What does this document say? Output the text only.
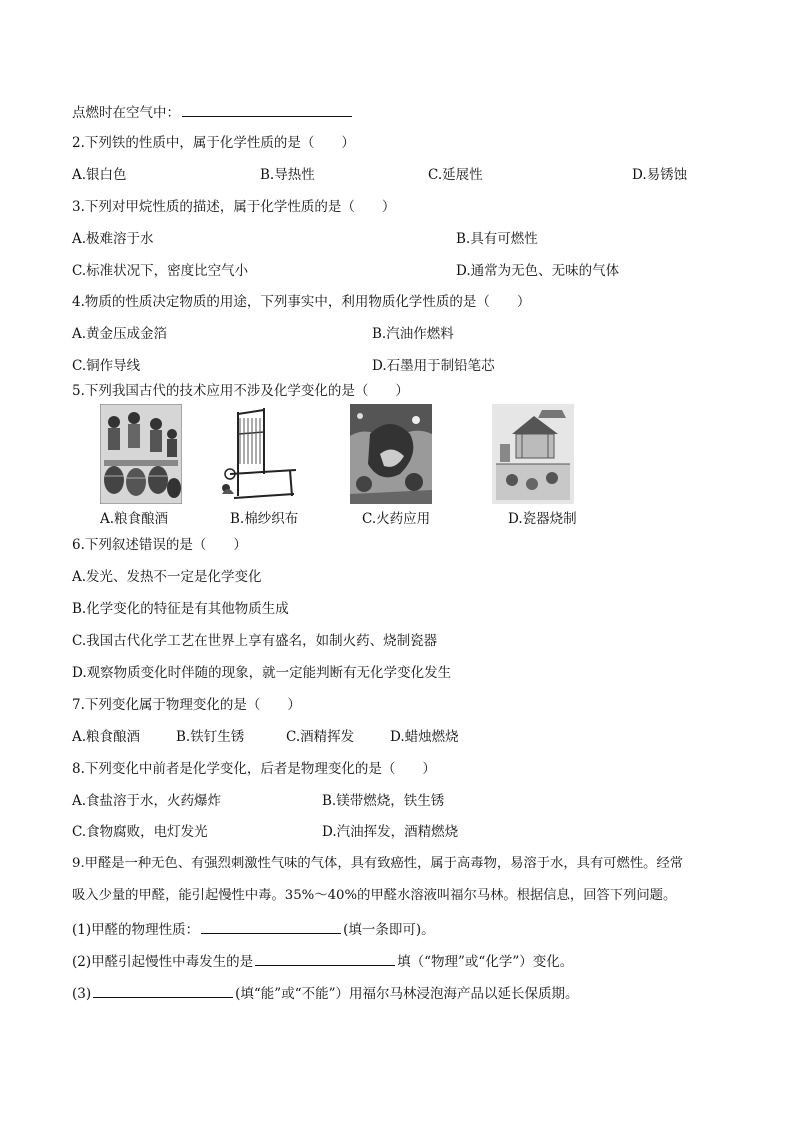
点燃时在空气中：
2.下列铁的性质中，属于化学性质的是（　　）
A.银白色	B.导热性	C.延展性	D.易锈蚀
3.下列对甲烷性质的描述，属于化学性质的是（　　）
A.极难溶于水	B.具有可燃性
C.标准状况下，密度比空气小	D.通常为无色、无味的气体
4.物质的性质决定物质的用途，下列事实中，利用物质化学性质的是（　　）
A.黄金压成金箔	B.汽油作燃料
C.铜作导线	D.石墨用于制铅笔芯
5.下列我国古代的技术应用不涉及化学变化的是（　　）
A.粮食酿酒	B.棉纱织布	C.火药应用	D.瓷器烧制
6.下列叙述错误的是（　　）
A.发光、发热不一定是化学变化
B.化学变化的特征是有其他物质生成
C.我国古代化学工艺在世界上享有盛名，如制火药、烧制瓷器
D.观察物质变化时伴随的现象，就一定能判断有无化学变化发生
7.下列变化属于物理变化的是（　　）
A.粮食酿酒	B.铁钉生锈	C.酒精挥发	D.蜡烛燃烧
8.下列变化中前者是化学变化，后者是物理变化的是（　　）
A.食盐溶于水，火药爆炸	B.镁带燃烧，铁生锈
C.食物腐败，电灯发光	D.汽油挥发，酒精燃烧
9.甲醛是一种无色、有强烈刺激性气味的气体，具有致癌性，属于高毒物，易溶于水，具有可燃性。经常
吸入少量的甲醛，能引起慢性中毒。35%～40%的甲醛水溶液叫福尔马林。根据信息，回答下列问题。
(1)甲醛的物理性质：	(填一条即可)。
(2)甲醛引起慢性中毒发生的是	填（“物理”或“化学”）变化。
(3)	(填“能”或“不能”）用福尔马林浸泡海产品以延长保质期。
